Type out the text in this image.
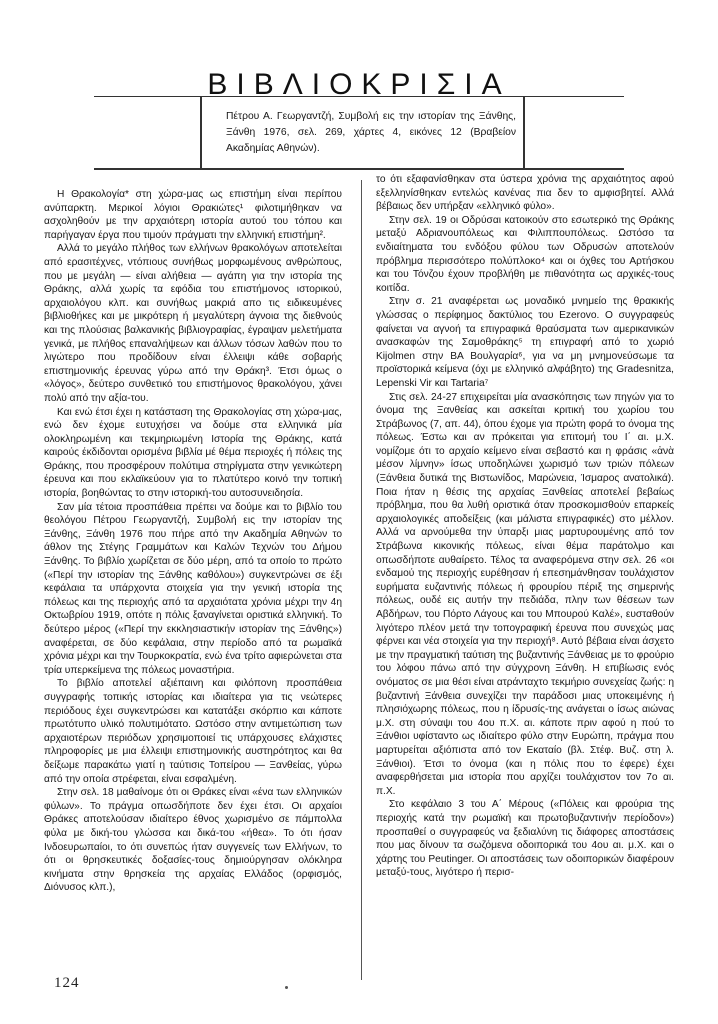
ΒΙΒΛΙΟΚΡΙΣΙΑ
Πέτρου Α. Γεωργαντζή, Συμβολή εις την ιστορίαν της Ξάνθης, Ξάνθη 1976, σελ. 269, χάρτες 4, εικόνες 12 (Βραβείον Ακαδημίας Αθηνών).

Η Θρακολογία* στη χώρα-μας ως επιστήμη είναι περίπου ανύπαρκτη. Μερικοί λόγιοι Θρακιώτες¹ φιλοτιμήθηκαν να ασχοληθούν με την αρχαιότερη ιστορία αυτού του τόπου και παρήγαγαν έργα που τιμούν πράγματι την ελληνική επιστήμη².

Αλλά το μεγάλο πλήθος των ελλήνων θρακολόγων αποτελείται από ερασιτέχνες, ντόπιους συνήθως μορφωμένους ανθρώπους, που με μεγάλη — είναι αλήθεια — αγάπη για την ιστορία της Θράκης, αλλά χωρίς τα εφόδια του επιστήμονος ιστορικού, αρχαιολόγου κλπ. και συνήθως μακριά απο τις ειδικευμένες βιβλιοθήκες και με μικρότερη ή μεγαλύτερη άγνοια της διεθνούς και της πλούσιας βαλκανικής βιβλιογραφίας, έγραψαν μελετήματα γενικά, με πλήθος επαναλήψεων και άλλων τόσων λαθών που το λιγώτερο που προδίδουν είναι έλλειψι κάθε σοβαρής επιστημονικής έρευνας γύρω από την Θράκη³. Έτσι όμως ο «λόγος», δεύτερο συνθετικό του επιστήμονος θρακολόγου, χάνει πολύ από την αξία-του.

Και ενώ έτσι έχει η κατάσταση της Θρακολογίας στη χώρα-μας, ενώ δεν έχομε ευτυχήσει να δούμε στα ελληνικά μία ολοκληρωμένη και τεκμηριωμένη Ιστορία της Θράκης, κατά καιρούς έκδιδονται ορισμένα βιβλία μέ θέμα περιοχές ή πόλεις της Θράκης, που προσφέρουν πολύτιμα στηρίγματα στην γενικώτερη έρευνα και που εκλαϊκεύουν για το πλατύτερο κοινό την τοπική ιστορία, βοηθώντας το στην ιστορική-του αυτοσυνειδησία.

Σαν μία τέτοια προσπάθεια πρέπει να δούμε και το βιβλίο του θεολόγου Πέτρου Γεωργαντζή, Συμβολή εις την ιστορίαν της Ξάνθης, Ξάνθη 1976 που πήρε από την Ακαδημία Αθηνών το άθλον της Στέγης Γραμμάτων και Καλών Τεχνών του Δήμου Ξάνθης. Το βιβλίο χωρίζεται σε δύο μέρη, από τα οποίο το πρώτο («Περί την ιστορίαν της Ξάνθης καθόλου») συγκεντρώνει σε έξι κεφάλαια τα υπάρχοντα στοιχεία για την γενική ιστορία της πόλεως και της περιοχής από τα αρχαιότατα χρόνια μέχρι την 4η Οκτωβρίου 1919, οπότε η πόλις ξαναγίνεται οριστικά ελληνική. Το δεύτερο μέρος («Περί την εκκλησιαστικήν ιστορίαν της Ξάνθης») αναφέρεται, σε δύο κεφάλαια, στην περίοδο από τα ρωμαϊκά χρόνια μέχρι και την Τουρκοκρατία, ενώ ένα τρίτο αφιερώνεται στα τρία υπερκείμενα της πόλεως μοναστήρια.

Το βιβλίο αποτελεί αξιέπαινη και φιλόπονη προσπάθεια συγγραφής τοπικής ιστορίας και ιδιαίτερα για τις νεώτερες περιόδους έχει συγκεντρώσει και κατατάξει σκόρπιο και κάποτε πρωτότυπο υλικό πολυτιμότατο. Ωστόσο στην αντιμετώπιση των αρχαιοτέρων περιόδων χρησιμοποιεί τις υπάρχουσες ελάχιστες πληροφορίες με μια έλλειψι επιστημονικής αυστηρότητος και θα δείξωμε παρακάτω γιατί η ταύτισις Τοπείρου — Ξανθείας, γύρω από την οποία στρέφεται, είναι εσφαλμένη.

Στην σελ. 18 μαθαίνομε ότι οι Θράκες είναι «ένα των ελληνικών φύλων». Το πράγμα οπωσδήποτε δεν έχει έτσι. Οι αρχαίοι Θράκες αποτελούσαν ιδιαίτερο έθνος χωρισμένο σε πάμπολλα φύλα με δική-του γλώσσα και δικά-του «ήθεα». Το ότι ήσαν Ινδοευρωπαίοι, το ότι συνεπώς ήταν συγγενείς των Ελλήνων, το ότι οι θρησκευτικές δοξασίες-τους δημιούργησαν ολόκληρα κινήματα στην θρησκεία της αρχαίας Ελλάδος (ορφισμός, Διόνυσος κλπ.),

το ότι εξαφανίσθηκαν στα ύστερα χρόνια της αρχαιότητος αφού εξελληνίσθηκαν εντελώς κανένας πια δεν το αμφισβητεί. Αλλά βέβαιως δεν υπήρξαν «ελληνικό φύλο».

Στην σελ. 19 οι Οδρύσαι κατοικούν στο εσωτερικό της Θράκης μεταξύ Αδριανουπόλεως και Φιλιππουπόλεως. Ωστόσο τα ενδιαίτηματα του ενδόξου φύλου των Οδρυσών αποτελούν πρόβλημα περισσότερο πολύπλοκο⁴ και οι όχθες του Αρτήσκου και του Τόνζου έχουν προβλήθη με πιθανότητα ως αρχικές-τους κοιτίδα.

Στην σ. 21 αναφέρεται ως μοναδικό μνημείο της θρακικής γλώσσας ο περίφημος δακτύλιος του Ezerovo. Ο συγγραφεύς φαίνεται να αγνοή τα επιγραφικά θραύσματα των αμερικανικών ανασκαφών της Σαμοθράκης⁵ τη επιγραφή από το χωριό Kijolmen στην ΒΑ Βουλγαρία⁶, για να μη μνημονεύσωμε τα προϊστορικά κείμενα (όχι με ελληνικό αλφάβητο) της Gradesnitza, Lepenski Vir και Tartaria⁷

Στις σελ. 24-27 επιχειρείται μία ανασκόπησις των πηγών για το όνομα της Ξανθείας και ασκείται κριτική του χωρίου του Στράβωνος (7, απ. 44), όπου έχομε για πρώτη φορά το όνομα της πόλεως. Έστω και αν πρόκειται για επιτομή του Ι΄ αι. μ.Χ. νομίζομε ότι το αρχαίο κείμενο είναι σεβαστό και η φράσις «ἀνὰ μέσον λίμνην» ίσως υποδηλώνει χωρισμό των τριών πόλεων (Ξάνθεια δυτικά της Βιστωνίδος, Μαρώνεια, Ίσμαρος ανατολικά). Ποια ήταν η θέσις της αρχαίας Ξανθείας αποτελεί βεβαίως πρόβλημα, που θα λυθή οριστικά όταν προσκομισθούν επαρκείς αρχαιολογικές αποδείξεις (και μάλιστα επιγραφικές) στο μέλλον. Αλλά να αρνούμεθα την ύπαρξι μιας μαρτυρουμένης από τον Στράβωνα κικονικής πόλεως, είναι θέμα παράτολμο και οπωσδήποτε αυθαίρετο. Τέλος τα αναφερόμενα στην σελ. 26 «οι ενδαμού της περιοχής ευρέθησαν ή επεσημάνθησαν τουλάχιστον ευρήματα ευζαντινής πόλεως ή φρουρίου πέριξ της σημερινής πόλεως, ουδέ εις αυτήν την πεδιάδα, πλην των θέσεων των Αβδήρων, του Πόρτο Λάγους και του Μπουρού Καλέ», ευσταθούν λιγότερο πλέον μετά την τοπογραφική έρευνα που συνεχώς μας φέρνει και νέα στοιχεία για την περιοχή⁸. Αυτό βέβαια είναι άσχετο με την πραγματική ταύτιση της βυζαντινής Ξάνθειας με το φρούριο του λόφου πάνω από την σύγχρονη Ξάνθη. Η επιβίωσις ενός ονόματος σε μια θέσι είναι ατράνταχτο τεκμήριο συνεχείας ζωής: η βυζαντινή Ξάνθεια συνεχίζει την παράδοσι μιας υποκειμένης ή πλησιόχωρης πόλεως, που η ίδρυσίς-της ανάγεται ο ίσως αιώνας μ.Χ. στη σύναψι του 4ου π.Χ. αι. κάποτε πριν αφού η πού το Ξάνθιοι υφίσταντο ως ιδιαίτερο φύλο στην Ευρώπη, πράγμα που μαρτυρείται αξιόπιστα από τον Εκαταίο (βλ. Στέφ. Βυζ. στη λ. Ξάνθιοι). Έτσι το όνομα (και η πόλις που το έφερε) έχει αναφερθήσεται μια ιστορία που αρχίζει τουλάχιστον τον 7ο αι. π.Χ.

Στο κεφάλαιο 3 του Α΄ Μέρους («Πόλεις και φρούρια της περιοχής κατά την ρωμαϊκή και πρωτοβυζαντινήν περίοδον») προσπαθεί ο συγγραφεύς να ξεδιαλύνη τις διάφορες αποστάσεις που μας δίνουν τα σωζόμενα οδοιπορικά του 4ου αι. μ.Χ. και ο χάρτης του Peutinger. Οι αποστάσεις των οδοιπορικών διαφέρουν μεταξύ-τους, λιγότερο ή περισ-

124
